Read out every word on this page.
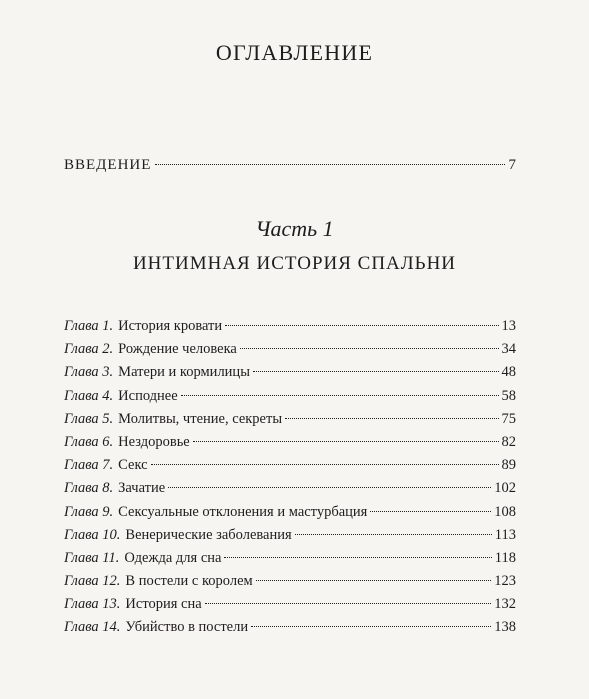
ОГЛАВЛЕНИЕ
ВВЕДЕНИЕ	7
Часть 1
ИНТИМНАЯ ИСТОРИЯ СПАЛЬНИ
Глава 1. История кровати	13
Глава 2. Рождение человека	34
Глава 3. Матери и кормилицы	48
Глава 4. Исподнее	58
Глава 5. Молитвы, чтение, секреты	75
Глава 6. Нездоровье	82
Глава 7. Секс	89
Глава 8. Зачатие	102
Глава 9. Сексуальные отклонения и мастурбация	108
Глава 10. Венерические заболевания	113
Глава 11. Одежда для сна	118
Глава 12. В постели с королем	123
Глава 13. История сна	132
Глава 14. Убийство в постели	138
